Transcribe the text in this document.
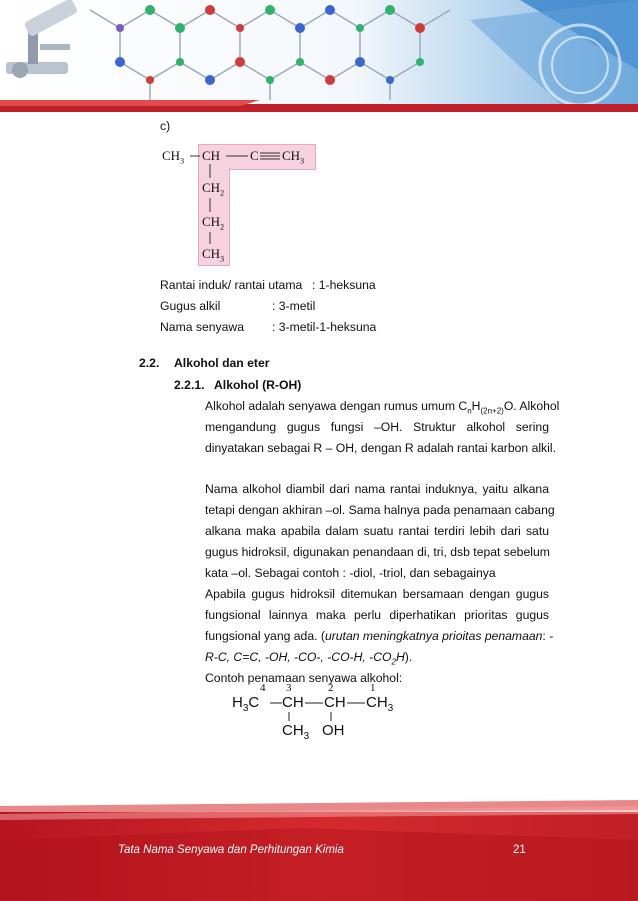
c)
$CH_3$ CH C $CH_3$
$CH_2$
$CH_2$
$CH_3$
Rantai induk/ rantai utama : 1-heksuna
Gugus alkil	: 3-metil
Nama senyawa : 3-metil-1-heksuna
2.2. Alkohol dan eter
2.2.1. Alkohol (R-OH)
Alkohol adalah senyawa dengan rumus umum $C_nH_{(2n+2)}O$. Alkohol
mengandung gugus fungsi –OH. Struktur alkohol sering
dinyatakan sebagai R – OH, dengan R adalah rantai karbon alkil.
Nama alkohol diambil dari nama rantai induknya, yaitu alkana
tetapi dengan akhiran –ol. Sama halnya pada penamaan cabang
alkana maka apabila dalam suatu rantai terdiri lebih dari satu
gugus hidroksil, digunakan penandaan di, tri, dsb tepat sebelum
kata –ol. Sebagai contoh : -diol, -triol, dan sebagainya
Apabila gugus hidroksil ditemukan bersamaan dengan gugus
fungsional lainnya maka perlu diperhatikan prioritas gugus
fungsional yang ada. (urutan meningkatnya prioitas penamaan: -
R-C, C=C, -OH, -CO-, -CO-H, $-CO_2H$).
Contoh penamaan senyawa alkohol:
4 3	2	1
$H_3C$ CH CH $CH_3$
$CH_3$ OH
Tata Nama Senyawa dan Perhitungan Kimia	21
